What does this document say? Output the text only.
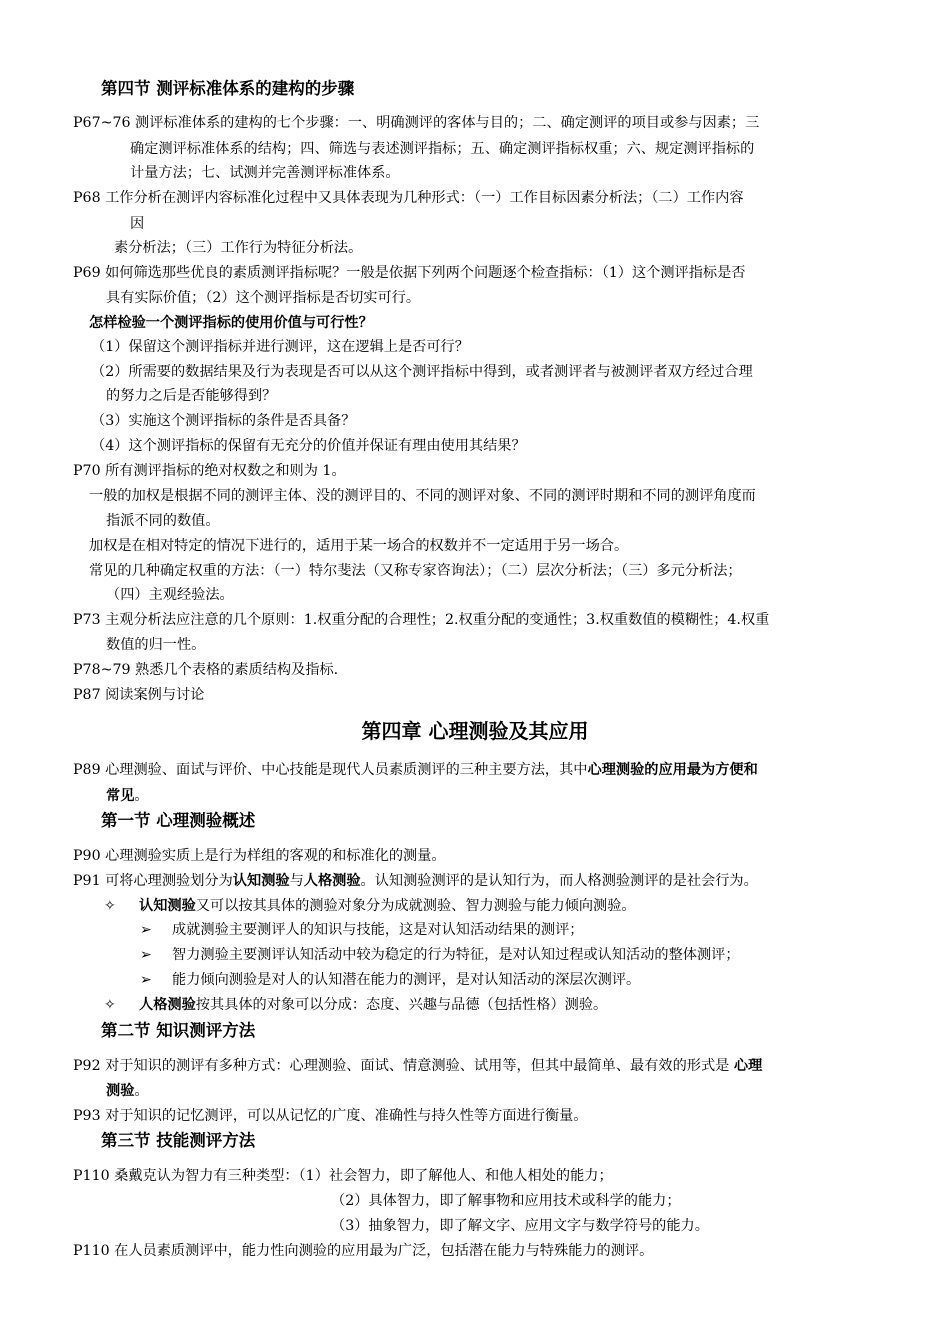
第四节 测评标准体系的建构的步骤
P67~76 测评标准体系的建构的七个步骤：一、明确测评的客体与目的；二、确定测评的项目或参与因素；三
确定测评标准体系的结构；四、筛选与表述测评指标；五、确定测评指标权重；六、规定测评指标的
计量方法；七、试测并完善测评标准体系。
P68 工作分析在测评内容标准化过程中又具体表现为几种形式：（一）工作目标因素分析法；（二）工作内容
因
素分析法；（三）工作行为特征分析法。
P69 如何筛选那些优良的素质测评指标呢？一般是依据下列两个问题逐个检查指标：（1）这个测评指标是否
具有实际价值；（2）这个测评指标是否切实可行。
怎样检验一个测评指标的使用价值与可行性？
（1）保留这个测评指标并进行测评，这在逻辑上是否可行？
（2）所需要的数据结果及行为表现是否可以从这个测评指标中得到，或者测评者与被测评者双方经过合理
的努力之后是否能够得到？
（3）实施这个测评指标的条件是否具备？
（4）这个测评指标的保留有无充分的价值并保证有理由使用其结果？
P70 所有测评指标的绝对权数之和则为 1。
一般的加权是根据不同的测评主体、没的测评目的、不同的测评对象、不同的测评时期和不同的测评角度而
指派不同的数值。
加权是在相对特定的情况下进行的，适用于某一场合的权数并不一定适用于另一场合。
常见的几种确定权重的方法：（一）特尔斐法（又称专家咨询法）；（二）层次分析法；（三）多元分析法；
（四）主观经验法。
P73 主观分析法应注意的几个原则：1.权重分配的合理性；2.权重分配的变通性；3.权重数值的模糊性；4.权重
数值的归一性。
P78~79 熟悉几个表格的素质结构及指标.
P87 阅读案例与讨论
第四章 心理测验及其应用
P89 心理测验、面试与评价、中心技能是现代人员素质测评的三种主要方法，其中心理测验的应用最为方便和
常见。
第一节 心理测验概述
P90 心理测验实质上是行为样组的客观的和标准化的测量。
P91 可将心理测验划分为认知测验与人格测验。认知测验测评的是认知行为，而人格测验测评的是社会行为。
✧ 认知测验又可以按其具体的测验对象分为成就测验、智力测验与能力倾向测验。
➢ 成就测验主要测评人的知识与技能，这是对认知活动结果的测评；
➢ 智力测验主要测评认知活动中较为稳定的行为特征，是对认知过程或认知活动的整体测评；
➢ 能力倾向测验是对人的认知潜在能力的测评，是对认知活动的深层次测评。
✧ 人格测验按其具体的对象可以分成：态度、兴趣与品德（包括性格）测验。
第二节 知识测评方法
P92 对于知识的测评有多种方式：心理测验、面试、情意测验、试用等，但其中最简单、最有效的形式是 心理
测验。
P93 对于知识的记忆测评，可以从记忆的广度、准确性与持久性等方面进行衡量。
第三节 技能测评方法
P110 桑戴克认为智力有三种类型：（1）社会智力，即了解他人、和他人相处的能力；
（2）具体智力，即了解事物和应用技术或科学的能力；
（3）抽象智力，即了解文字、应用文字与数学符号的能力。
P110 在人员素质测评中，能力性向测验的应用最为广泛，包括潜在能力与特殊能力的测评。
